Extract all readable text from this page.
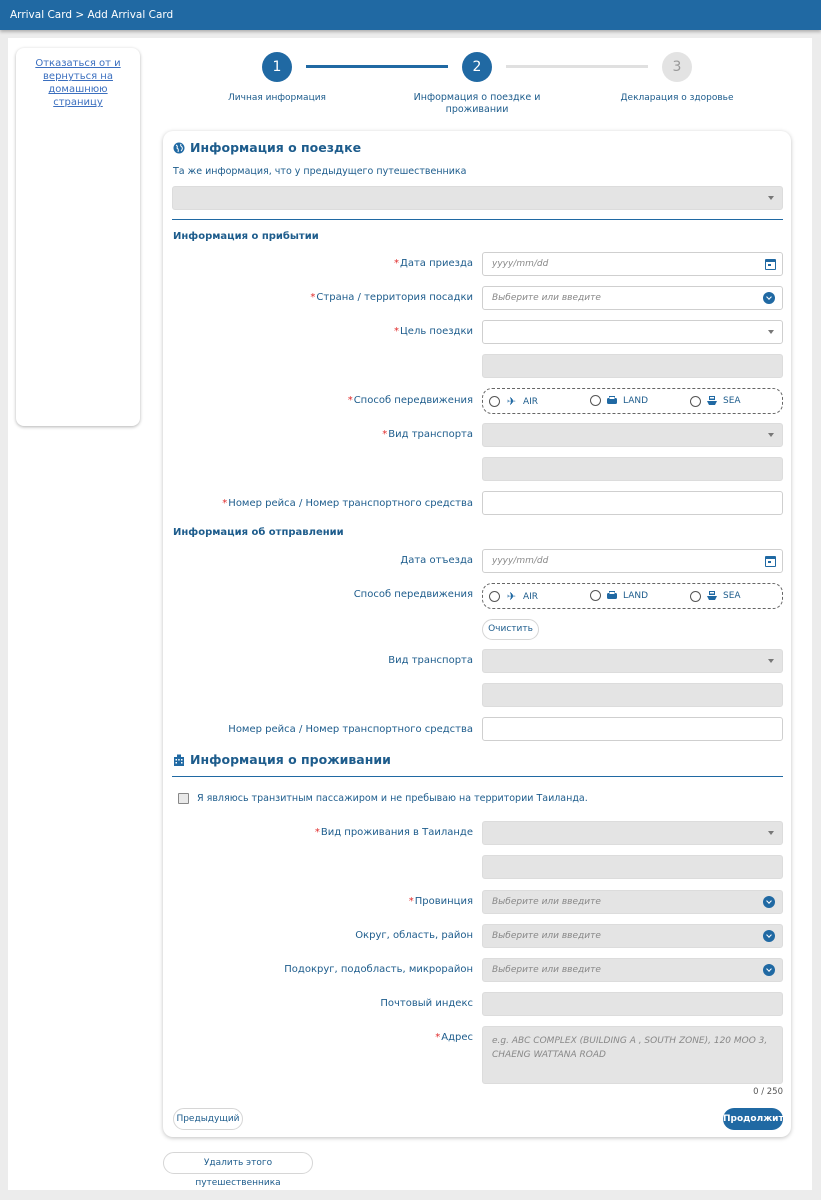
Arrival Card > Add Arrival Card
Отказаться от и вернуться на домашнюю страницу
1	2	3
Личная информация	Информация о поездке и проживании
Декларация о здоровье
Информация о поездке
Та же информация, что у предыдущего путешественника
Информация о прибытии
*Дата приезда	yyyy/mm/dd
*Страна / территория посадки	Выберите или введите
*Цель поездки
*Способ передвижения	✈ AIR	LAND	SEA
*Вид транспорта
*Номер рейса / Номер транспортного средства
Информация об отправлении
Дата отъезда	yyyy/mm/dd
Способ передвижения	✈ AIR	LAND	SEA
Очистить
Вид транспорта
Номер рейса / Номер транспортного средства
Информация о проживании
Я являюсь транзитным пассажиром и не пребываю на территории Таиланда.
*Вид проживания в Таиланде
*Провинция	Выберите или введите
Округ, область, район	Выберите или введите
Подокруг, подобласть, микрорайон	Выберите или введите
Почтовый индекс
*Адрес	e.g. ABC COMPLEX (BUILDING A , SOUTH ZONE), 120 MOO 3, CHAENG WATTANA ROAD
0 / 250
Предыдущий	Продолжить
Удалить этого путешественника
